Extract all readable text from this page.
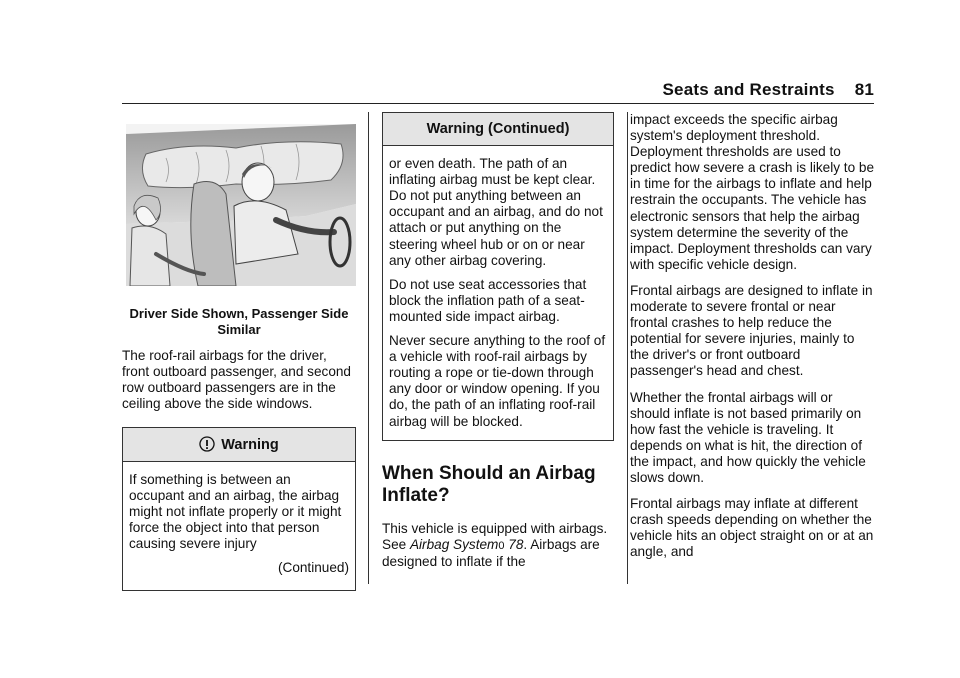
Seats and Restraints 81
Driver Side Shown, Passenger Side Similar

The roof-rail airbags for the driver, front outboard passenger, and second row outboard passengers are in the ceiling above the side windows.

Warning

If something is between an occupant and an airbag, the airbag might not inflate properly or it might force the object into that person causing severe injury

(Continued)

Warning (Continued)

or even death. The path of an inflating airbag must be kept clear. Do not put anything between an occupant and an airbag, and do not attach or put anything on the steering wheel hub or on or near any other airbag covering.

Do not use seat accessories that block the inflation path of a seat-mounted side impact airbag.

Never secure anything to the roof of a vehicle with roof-rail airbags by routing a rope or tie-down through any door or window opening. If you do, the path of an inflating roof-rail airbag will be blocked.

When Should an Airbag Inflate?

This vehicle is equipped with airbags. See Airbag System0 78. Airbags are designed to inflate if the

impact exceeds the specific airbag system's deployment threshold. Deployment thresholds are used to predict how severe a crash is likely to be in time for the airbags to inflate and help restrain the occupants. The vehicle has electronic sensors that help the airbag system determine the severity of the impact. Deployment thresholds can vary with specific vehicle design.

Frontal airbags are designed to inflate in moderate to severe frontal or near frontal crashes to help reduce the potential for severe injuries, mainly to the driver's or front outboard passenger's head and chest.

Whether the frontal airbags will or should inflate is not based primarily on how fast the vehicle is traveling. It depends on what is hit, the direction of the impact, and how quickly the vehicle slows down.

Frontal airbags may inflate at different crash speeds depending on whether the vehicle hits an object straight on or at an angle, and
